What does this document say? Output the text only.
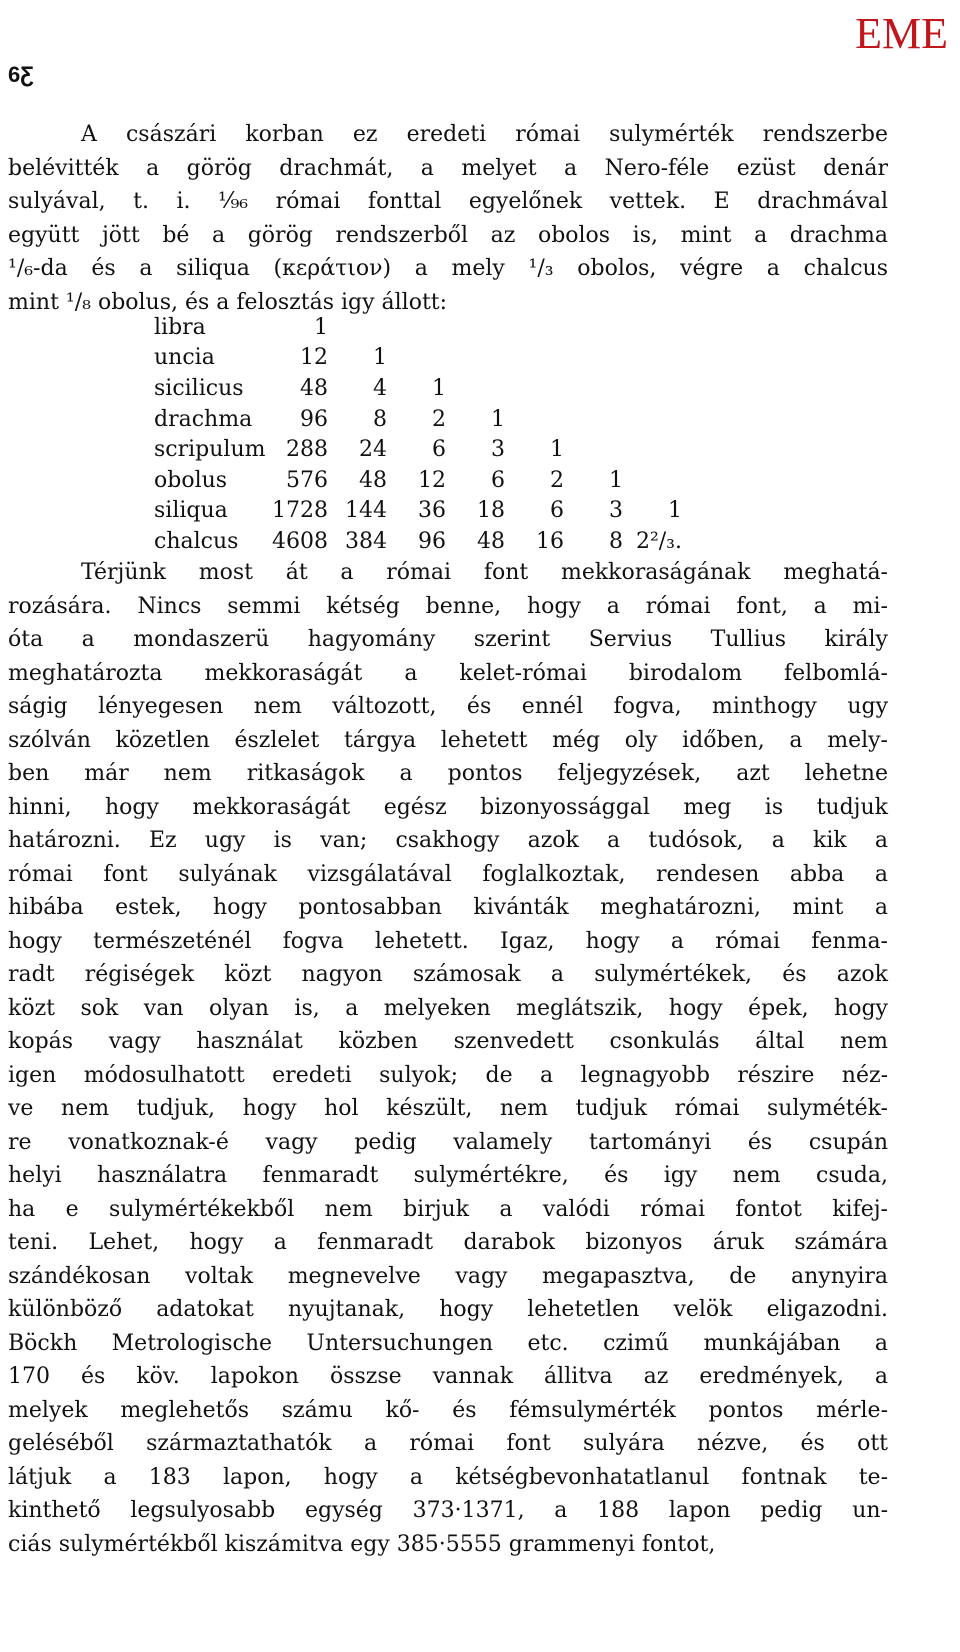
6Ƹ
EME

A császári korban ez eredeti római sulymérték rendszerbe
belévitték a görög drachmát, a melyet a Nero-féle ezüst denár
sulyával, t. i. ¹⁄₉₆ római fonttal egyelőnek vettek. E drachmával
együtt jött bé a görög rendszerből az obolos is, mint a drachma
¹/₆-da és a siliqua (κεράτιον) a mely ¹/₃ obolos, végre a chalcus
mint ¹/₈ obolus, és a felosztás igy állott:

libra	1						
uncia	12	1					
sicilicus	48	4	1				
drachma	96	8	2	1			
scripulum	288	24	6	3	1		
obolus	576	48	12	6	2	1	
siliqua	1728	144	36	18	6	3	1
chalcus	4608	384	96	48	16	8	2²/₃.

Térjünk most át a római font mekkoraságának meghatá-
rozására. Nincs semmi kétség benne, hogy a római font, a mi-
óta a mondaszerü hagyomány szerint Servius Tullius király
meghatározta mekkoraságát a kelet-római birodalom felbomlá-
ságig lényegesen nem változott, és ennél fogva, minthogy ugy
szólván közetlen észlelet tárgya lehetett még oly időben, a mely-
ben már nem ritkaságok a pontos feljegyzések, azt lehetne
hinni, hogy mekkoraságát egész bizonyossággal meg is tudjuk
határozni. Ez ugy is van; csakhogy azok a tudósok, a kik a
római font sulyának vizsgálatával foglalkoztak, rendesen abba a
hibába estek, hogy pontosabban kivánták meghatározni, mint a
hogy természeténél fogva lehetett. Igaz, hogy a római fenma-
radt régiségek közt nagyon számosak a sulymértékek, és azok
közt sok van olyan is, a melyeken meglátszik, hogy épek, hogy
kopás vagy használat közben szenvedett csonkulás által nem
igen módosulhatott eredeti sulyok; de a legnagyobb részire néz-
ve nem tudjuk, hogy hol készült, nem tudjuk római sulyméték-
re vonatkoznak-é vagy pedig valamely tartományi és csupán
helyi használatra fenmaradt sulymértékre, és igy nem csuda,
ha e sulymértékekből nem birjuk a valódi római fontot kifej-
teni. Lehet, hogy a fenmaradt darabok bizonyos áruk számára
szándékosan voltak megnevelve vagy megapasztva, de anynyira
különböző adatokat nyujtanak, hogy lehetetlen velök eligazodni.
Böckh Metrologische Untersuchungen etc. czimű munkájában a
170 és köv. lapokon összse vannak állitva az eredmények, a
melyek meglehetős számu kő- és fémsulymérték pontos mérle-
geléséből származtathatók a római font sulyára nézve, és ott
látjuk a 183 lapon, hogy a kétségbevonhatatlanul fontnak te-
kinthető legsulyosabb egység 373·1371, a 188 lapon pedig un-
ciás sulymértékből kiszámitva egy 385·5555 grammenyi fontot,
